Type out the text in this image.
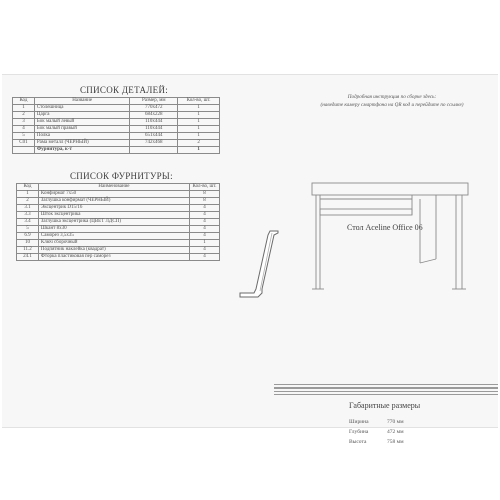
СПИСОК ДЕТАЛЕЙ:
Код	Название	Размер, мм	Кол-во, шт.
1	Столешница	770х472	1
2	Царга	684х228	1
3	Бок малый левый	110х444	1
4	Бок малый правый	110х444	1
5	Полка	651х444	1
С01	Рама металл (ЧЕРНЫЙ)	742х468	2
	Фурнитура, к-т		1
СПИСОК ФУРНИТУРЫ:
Код	Наименование	Кол-во, шт.
1	Конфирмат 7х50	8
2	Заглушка конфирмат (ЧЕРНЫЙ)	8
3.1	Эксцентрик D15/16	4
3.3	Шток эксцентрика	4
3.4	Заглушка эксцентрика (ЦВЕТ ЛДСП)	4
5	Шкант 8х30	4
6.9	Саморез 3,5х35	4
10	Ключ сборочный	1
11.2	Подпятник наклейка (квадрат)	4
24.1	Фторка пластиковая пер саморез	4
Подробная инструкция по сборке здесь:
(наведите камеру смартфона на QR код и перейдите по ссылке)
Стол Aceline Office 06
Габаритные размеры
Ширина	770 мм
Глубина	472 мм
Высота	758 мм
